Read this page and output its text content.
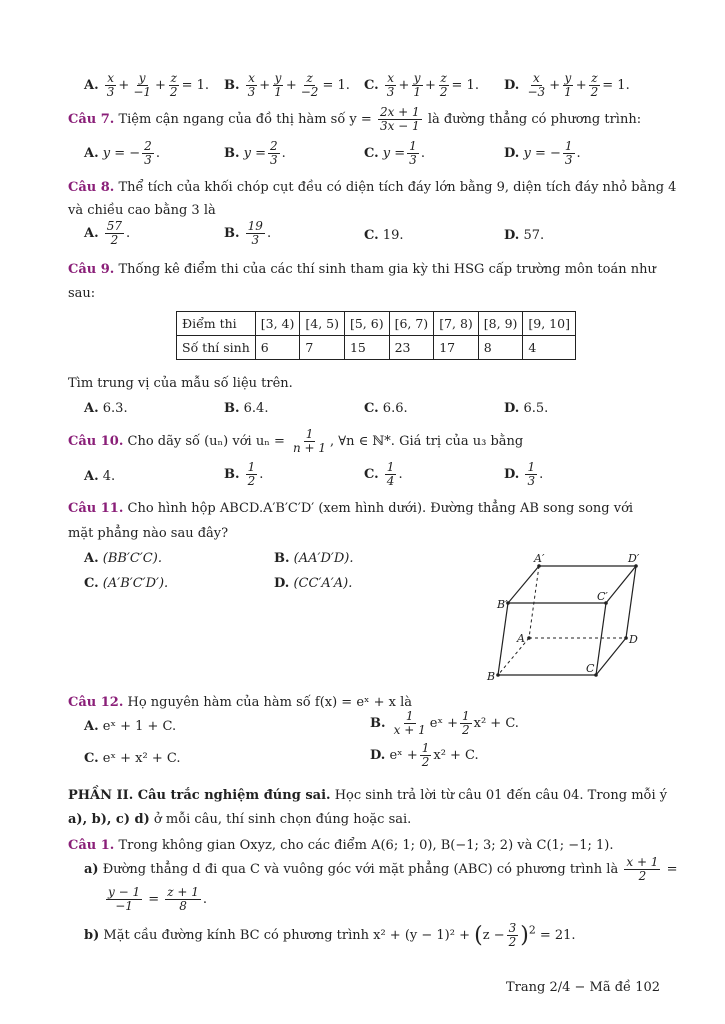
A. $\frac{x}{3} + \frac{y}{-1} + \frac{z}{2} = 1$. B. $\frac{x}{3} + \frac{y}{1} + \frac{z}{-2} = 1$. C. $\frac{x}{3} + \frac{y}{1} + \frac{z}{2} = 1$. D. $\frac{x}{-3} + \frac{y}{1} + \frac{z}{2} = 1$.
Câu 7. Tiệm cận ngang của đồ thị hàm số $y = \frac{2x + 1}{3x - 1}$ là đường thẳng có phương trình:
A. y = − $\frac{2}{3}$ .	B. $y = \frac{2}{3}$ .	C. $y = \frac{1}{3}$ .	D. y = − $\frac{1}{3}$ .
Câu 8. Thể tích của khối chóp cụt đều có diện tích đáy lớn bằng 9, diện tích đáy nhỏ bằng 4
và chiều cao bằng 3 là
A. $\frac{57}{2}$ .	B. $\frac{19}{3}$ .	C. 19.	D. 57.
Câu 9. Thống kê điểm thi của các thí sinh tham gia kỳ thi HSG cấp trường môn toán như
sau:
Điểm thi	[3, 4)	[4, 5)	[5, 6)	[6, 7)	[7, 8)	[8, 9)	[9, 10]
Số thí sinh	6	7	15	23	17	8	4
Tìm trung vị của mẫu số liệu trên.
A. 6.3.	B. 6.4.	C. 6.6.	D. 6.5.
Câu 10. Cho dãy số (uₙ) với $u_n = \frac{1}{n + 1}$ , ∀n ∈ ℕ*. Giá trị của u₃ bằng
A. 4.	B. $\frac{1}{2}$ .	C. $\frac{1}{4}$ .	D. $\frac{1}{3}$ .
Câu 11. Cho hình hộp ABCD.A′B′C′D′ (xem hình dưới). Đường thẳng AB song song với
mặt phẳng nào sau đây?
A. (BB′C′C).	B. (AA′D′D).
C. (A′B′C′D′).	D. (CC′A′A).
A′	D′
B′
C′
A	D
B
C
Câu 12. Họ nguyên hàm của hàm số f(x) = eˣ + x là
A. eˣ + 1 + C.	B. $\frac{1}{x + 1}$ eˣ + $\frac{1}{2} x^2 + C$.
C. eˣ + x² + C.	D. eˣ + $\frac{1}{2} x^2 + C$.
PHẦN II. Câu trắc nghiệm đúng sai. Học sinh trả lời từ câu 01 đến câu 04. Trong mỗi ý
a), b), c) d) ở mỗi câu, thí sinh chọn đúng hoặc sai.
Câu 1. Trong không gian Oxyz, cho các điểm A(6; 1; 0), B(−1; 3; 2) và C(1; −1; 1).
a) Đường thẳng d đi qua C và vuông góc với mặt phẳng (ABC) có phương trình là $\frac{x + 1}{2}$ =
$\frac{y - 1}{-1} = \frac{z + 1}{8}$ .
b) Mặt cầu đường kính BC có phương trình $x^2 + (y - 1)^2 + (z - \frac{3}{2} )^2 = 21$.
Trang 2/4 − Mã đề 102
